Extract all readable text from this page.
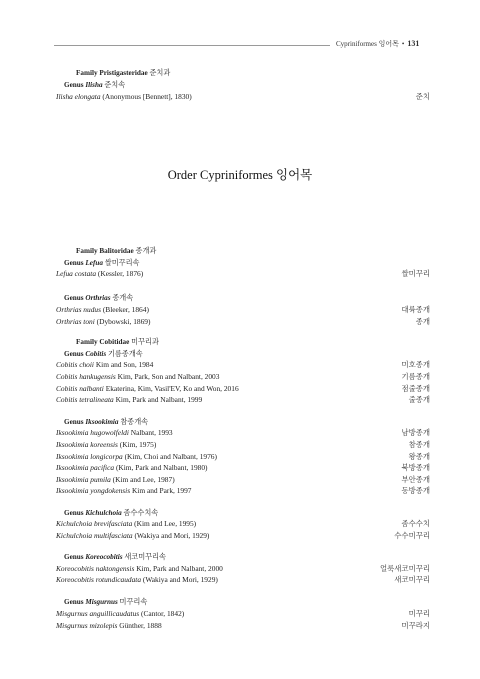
Cypriniformes 잉어목 • 131
Family Pristigasteridae 준치과
Genus Ilisha 준치속
Ilisha elongata (Anonymous [Bennett], 1830)	준치
Order Cypriniformes 잉어목
Family Balitoridae 종개과
Genus Lefua 쌀미꾸리속
Lefua costata (Kessler, 1876)	쌀미꾸리
Genus Orthrias 종개속
Orthrias nudus (Bleeker, 1864)	대륙종개
Orthrias toni (Dybowski, 1869)	종개
Family Cobitidae 미꾸리과
Genus Cobitis 기름종개속
Cobitis choii Kim and Son, 1984	미호종개
Cobitis hankugensis Kim, Park, Son and Nalbant, 2003	기름종개
Cobitis nalbanti Ekaterina, Kim, Vasil'EV, Ko and Won, 2016	점줄종개
Cobitis tetralineata Kim, Park and Nalbant, 1999	줄종개
Genus Iksookimia 참종개속
Iksookimia hugowolfeldi Nalbant, 1993	남방종개
Iksookimia koreensis (Kim, 1975)	참종개
Iksookimia longicorpa (Kim, Choi and Nalbant, 1976)	왕종개
Iksookimia pacifica (Kim, Park and Nalbant, 1980)	북방종개
Iksookimia pumila (Kim and Lee, 1987)	부안종개
Iksookimia yongdokensis Kim and Park, 1997	동방종개
Genus Kichulchoia 좀수수치속
Kichulchoia brevifasciata (Kim and Lee, 1995)	좀수수치
Kichulchoia multifasciata (Wakiya and Mori, 1929)	수수미꾸리
Genus Koreocobitis 새코미꾸리속
Koreocobitis naktongensis Kim, Park and Nalbant, 2000	얼룩새코미꾸리
Koreocobitis rotundicaudata (Wakiya and Mori, 1929)	새코미꾸리
Genus Misgurnus 미꾸리속
Misgurnus anguillicaudatus (Cantor, 1842)	미꾸리
Misgurnus mizolepis Günther, 1888	미꾸라지
